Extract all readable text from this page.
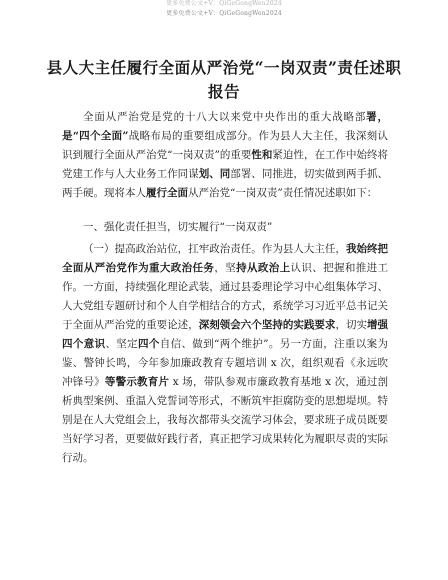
更多免费公文+V：QiGeGongWen2024
更多免费公文+V：QiGeGongWen2024
县人大主任履行全面从严治党“一岗双责”责任述职报告

全面从严治党是党的十八大以来党中央作出的重大战略部署，是“四个全面”战略布局的重要组成部分。作为县人大主任，我深刻认识到履行全面从严治党“一岗双责”的重要性和紧迫性，在工作中始终将党建工作与人大业务工作同谋划、同部署、同推进，切实做到两手抓、两手硬。现将本人履行全面从严治党“一岗双责”责任情况述职如下：

一、强化责任担当，切实履行“一岗双责”

（一）提高政治站位，扛牢政治责任。作为县人大主任，我始终把全面从严治党作为重大政治任务，坚持从政治上认识、把握和推进工作。一方面，持续强化理论武装，通过县委理论学习中心组集体学习、人大党组专题研讨和个人自学相结合的方式，系统学习习近平总书记关于全面从严治党的重要论述，深刻领会六个坚持的实践要求，切实增强四个意识、坚定四个自信、做到“两个维护”。另一方面，注重以案为鉴、警钟长鸣，今年参加廉政教育专题培训 x 次，组织观看《永远吹冲锋号》等警示教育片 x 场，带队参观市廉政教育基地 x 次，通过剖析典型案例、重温入党誓词等形式，不断筑牢拒腐防变的思想堤坝。特别是在人大党组会上，我每次都带头交流学习体会，要求班子成员既要当好学习者，更要做好践行者，真正把学习成果转化为履职尽责的实际行动。
